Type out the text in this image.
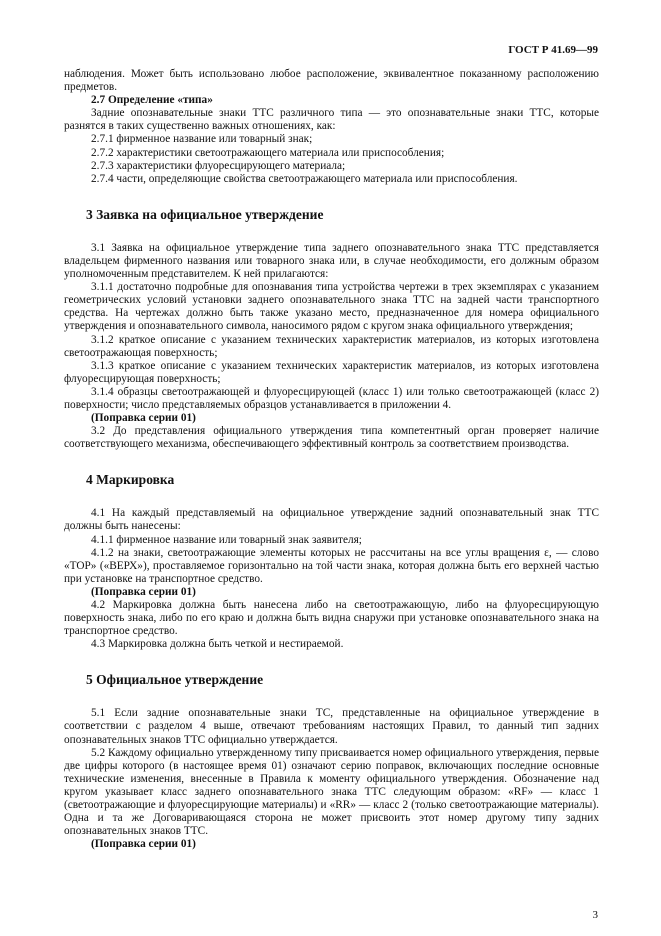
ГОСТ Р 41.69—99

наблюдения. Может быть использовано любое расположение, эквивалентное показанному расположению предметов.

2.7 Определение «типа»

Задние опознавательные знаки ТТС различного типа — это опознавательные знаки ТТС, которые разнятся в таких существенно важных отношениях, как:

2.7.1 фирменное название или товарный знак;

2.7.2 характеристики светоотражающего материала или приспособления;

2.7.3 характеристики флуоресцирующего материала;

2.7.4 части, определяющие свойства светоотражающего материала или приспособления.

3 Заявка на официальное утверждение

3.1 Заявка на официальное утверждение типа заднего опознавательного знака ТТС представляется владельцем фирменного названия или товарного знака или, в случае необходимости, его должным образом уполномоченным представителем. К ней прилагаются:

3.1.1 достаточно подробные для опознавания типа устройства чертежи в трех экземплярах с указанием геометрических условий установки заднего опознавательного знака ТТС на задней части транспортного средства. На чертежах должно быть также указано место, предназначенное для номера официального утверждения и опознавательного символа, наносимого рядом с кругом знака официального утверждения;

3.1.2 краткое описание с указанием технических характеристик материалов, из которых изготовлена светоотражающая поверхность;

3.1.3 краткое описание с указанием технических характеристик материалов, из которых изготовлена флуоресцирующая поверхность;

3.1.4 образцы светоотражающей и флуоресцирующей (класс 1) или только светоотражающей (класс 2) поверхности; число представляемых образцов устанавливается в приложении 4.

(Поправка серии 01)

3.2 До представления официального утверждения типа компетентный орган проверяет наличие соответствующего механизма, обеспечивающего эффективный контроль за соответствием производства.

4 Маркировка

4.1 На каждый представляемый на официальное утверждение задний опознавательный знак ТТС должны быть нанесены:

4.1.1 фирменное название или товарный знак заявителя;

4.1.2 на знаки, светоотражающие элементы которых не рассчитаны на все углы вращения ε, — слово «TOP» («ВЕРХ»), проставляемое горизонтально на той части знака, которая должна быть его верхней частью при установке на транспортное средство.

(Поправка серии 01)

4.2 Маркировка должна быть нанесена либо на светоотражающую, либо на флуоресцирующую поверхность знака, либо по его краю и должна быть видна снаружи при установке опознавательного знака на транспортное средство.

4.3 Маркировка должна быть четкой и нестираемой.

5 Официальное утверждение

5.1 Если задние опознавательные знаки ТС, представленные на официальное утверждение в соответствии с разделом 4 выше, отвечают требованиям настоящих Правил, то данный тип задних опознавательных знаков ТТС официально утверждается.

5.2 Каждому официально утвержденному типу присваивается номер официального утверждения, первые две цифры которого (в настоящее время 01) означают серию поправок, включающих последние основные технические изменения, внесенные в Правила к моменту официального утверждения. Обозначение над кругом указывает класс заднего опознавательного знака ТТС следующим образом: «RF» — класс 1 (светоотражающие и флуоресцирующие материалы) и «RR» — класс 2 (только светоотражающие материалы). Одна и та же Договаривающаяся сторона не может присвоить этот номер другому типу задних опознавательных знаков ТТС.

(Поправка серии 01)

3
